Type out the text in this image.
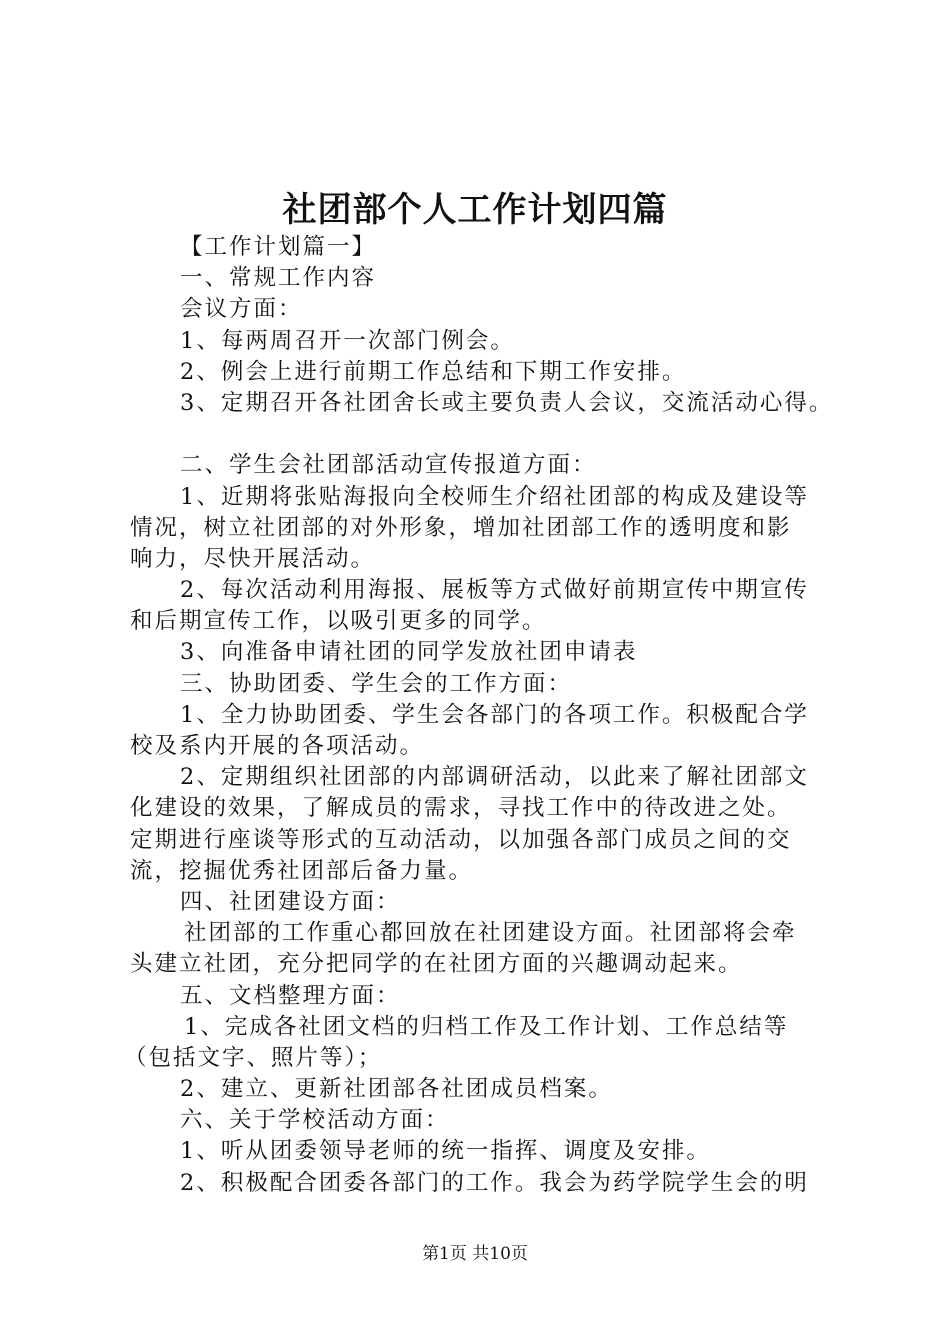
社团部个人工作计划四篇
【工作计划篇一】
一、常规工作内容
会议方面：
1、每两周召开一次部门例会。
2、例会上进行前期工作总结和下期工作安排。
3、定期召开各社团舍长或主要负责人会议，交流活动心得。
二、学生会社团部活动宣传报道方面：
1、近期将张贴海报向全校师生介绍社团部的构成及建设等
情况，树立社团部的对外形象，增加社团部工作的透明度和影
响力，尽快开展活动。
2、每次活动利用海报、展板等方式做好前期宣传中期宣传
和后期宣传工作，以吸引更多的同学。
3、向准备申请社团的同学发放社团申请表
三、协助团委、学生会的工作方面：
1、全力协助团委、学生会各部门的各项工作。积极配合学
校及系内开展的各项活动。
2、定期组织社团部的内部调研活动，以此来了解社团部文
化建设的效果，了解成员的需求，寻找工作中的待改进之处。
定期进行座谈等形式的互动活动，以加强各部门成员之间的交
流，挖掘优秀社团部后备力量。
四、社团建设方面：
社团部的工作重心都回放在社团建设方面。社团部将会牵
头建立社团，充分把同学的在社团方面的兴趣调动起来。
五、文档整理方面：
1、完成各社团文档的归档工作及工作计划、工作总结等
（包括文字、照片等）；
2、建立、更新社团部各社团成员档案。
六、关于学校活动方面：
1、听从团委领导老师的统一指挥、调度及安排。
2、积极配合团委各部门的工作。我会为药学院学生会的明
第1页 共10页
